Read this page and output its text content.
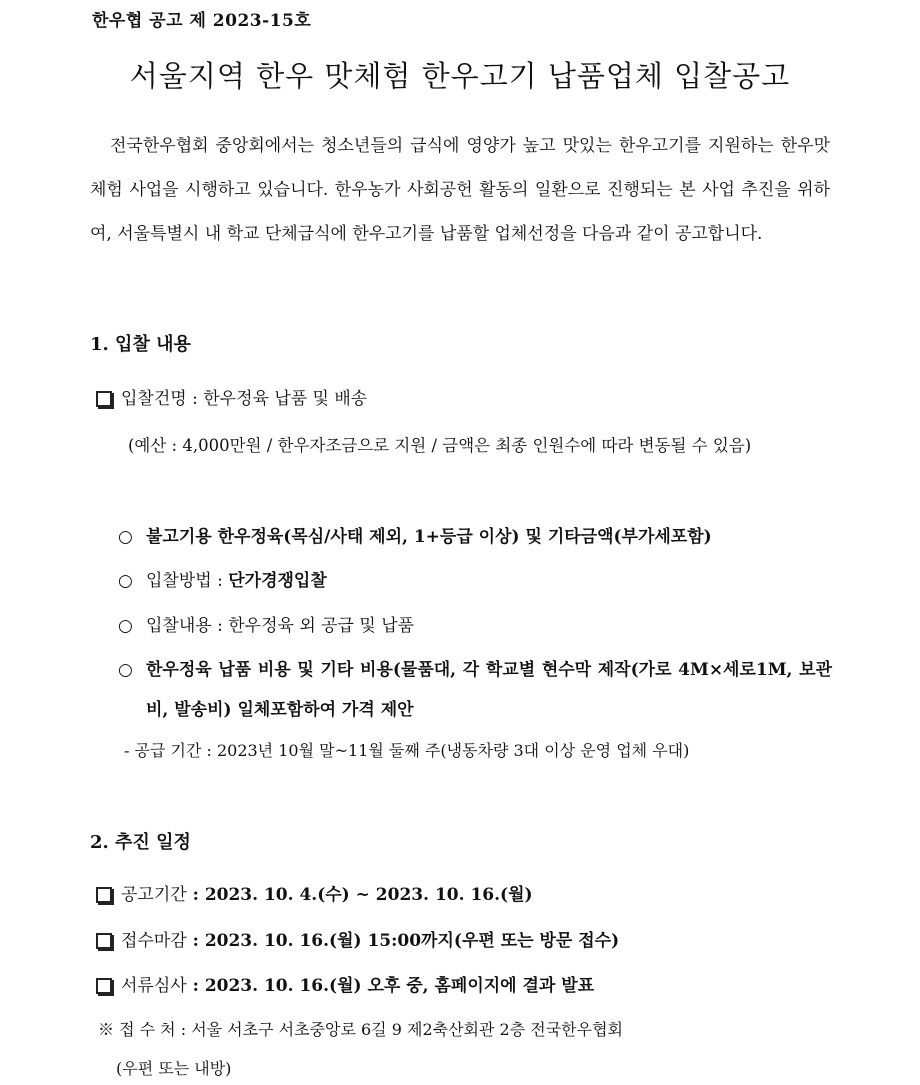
한우협 공고 제 2023-15호
서울지역 한우 맛체험 한우고기 납품업체 입찰공고

전국한우협회 중앙회에서는 청소년들의 급식에 영양가 높고 맛있는 한우고기를 지원하는 한우맛체험 사업을 시행하고 있습니다. 한우농가 사회공헌 활동의 일환으로 진행되는 본 사업 추진을 위하여, 서울특별시 내 학교 단체급식에 한우고기를 납품할 업체선정을 다음과 같이 공고합니다.

1. 입찰 내용
입찰건명 : 한우정육 납품 및 배송

(예산 : 4,000만원 / 한우자조금으로 지원 / 금액은 최종 인원수에 따라 변동될 수 있음)

○ 불고기용 한우정육(목심/사태 제외, 1+등급 이상) 및 기타금액(부가세포함)
○ 입찰방법 : 단가경쟁입찰
○ 입찰내용 : 한우정육 외 공급 및 납품
○ 한우정육 납품 비용 및 기타 비용(물품대, 각 학교별 현수막 제작(가로 4M×세로1M, 보관비, 발송비) 일체포함하여 가격 제안
- 공급 기간 : 2023년 10월 말~11월 둘째 주(냉동차량 3대 이상 운영 업체 우대)
2. 추진 일정
공고기간 : 2023. 10. 4.(수) ~ 2023. 10. 16.(월)
접수마감 : 2023. 10. 16.(월) 15:00까지(우편 또는 방문 접수)
서류심사 : 2023. 10. 16.(월) 오후 중, 홈페이지에 결과 발표
※ 접 수 처 : 서울 서초구 서초중앙로 6길 9 제2축산회관 2층 전국한우협회
(우편 또는 내방)
